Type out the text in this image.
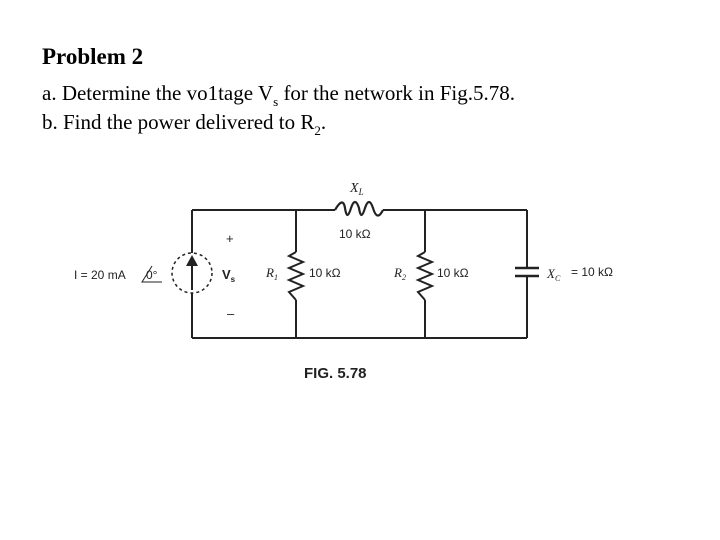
Problem 2
a. Determine the vo1tage $V_s$ for the network in Fig.5.78.
b. Find the power delivered to $R_2$.
$X_L$
10 kΩ
I = 20 mA 0°
+
–
$V_s$ $R_1$	10 kΩ	$R_2$	10 kΩ	$X_C = 10$ kΩ
FIG. 5.78
